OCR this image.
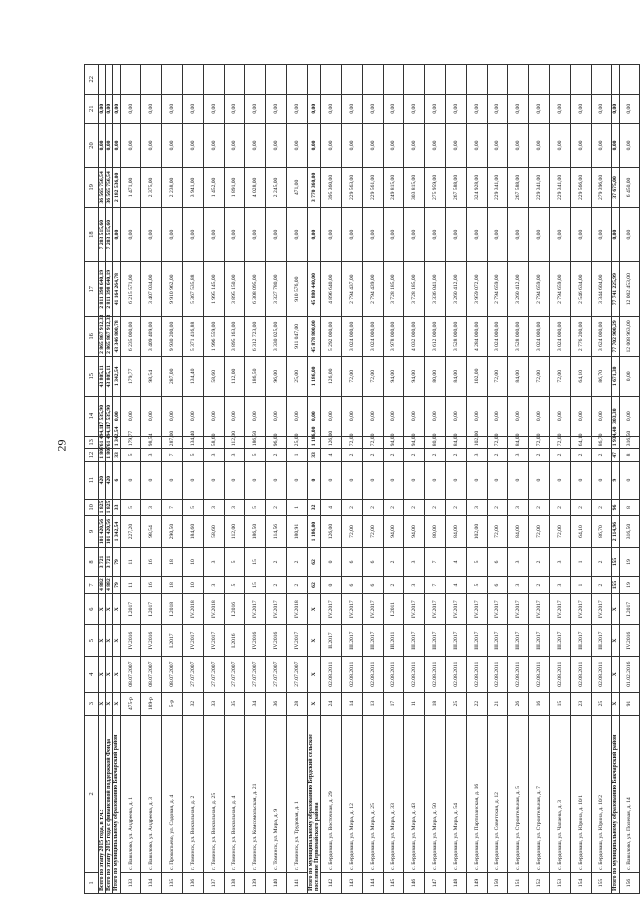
29
1	2	3	4	5	6	7	8	9	10	11	12	13	14	15	16	17	18	19	20	21	22
Всего по этапу 2015 года, в т.ч.:		Х	Х	Х	Х	4 882	3 721	101 420,56	1 825	420	1 807	61 494,11	17 535,90	43 805,11	2 865 867 912,33	2 811 398 640,19	7 203 515,60	36 565 756,54	0,00	0,00	
Всего по этапу 2015 года с финансовой поддержкой Фонда		Х	Х	Х	Х	4 882	3 721	101 420,56	1 825	420	1 807	61 494,11	17 535,90	43 805,11	2 865 867 912,33	2 811 398 640,19	7 203 515,60	36 565 756,54	0,00	0,00	
Итого по муниципальному образованию Бакчарский район		Х	Х	Х	Х	79	79	1 342,54	33	6	33	1 342,54	0,00	1 342,54	43 346 800,78	41 164 264,78	0,00	2 182 536,00	0,00	0,00	
133	с. Вавилово, ул. Андреева, д. 1	475-р	08.07.2007	IV.2016	I.2017	11	11	227,20	5	0	5	179,77	0,00	179,77	6 235 000,00	6 215 571,00	0,00	1 471,00	0,00	0,00	
134	с. Вавилово, ул. Андреева, д. 3	189-р	08.07.2007	IV.2016	I.2017	16	16	98,54	3	0	3	98,54	0,00	98,54	3 409 409,00	3 407 034,00	0,00	2 375,00	0,00	0,00	
135	с. Прокопьево, ул. Садовая, д. 4	5-р	08.07.2007	I.2017	I.2018	18	18	290,50	7	0	7	287,00	0,00	287,00	9 930 200,00	9 910 962,00	0,00	2 238,00	0,00	0,00	
136	г. Томинск, ул. Вокзальная, д. 2	32	27.07.2007	IV.2017	IV.2018	10	10	184,60	5	0	5	134,40	0,00	134,40	5 371 416,88	5 367 535,88	0,00	3 941,00	0,00	0,00	
137	г. Томинск, ул. Вокзальная, д. 25	33	27.07.2007	IV.2017	IV.2018	3	3	58,60	3	0	3	58,60	0,00	58,60	1 996 559,00	1 995 145,00	0,00	1 452,00	0,00	0,00	
138	г. Томинск, ул. Вокзальная, д. 4	35	27.07.2007	I.2016	I.2016	5	5	112,00	3	0	3	112,00	0,00	112,00	3 895 163,00	3 895 150,00	0,00	1 891,00	0,00	0,00	
139	г. Томинск, ул. Комсомольская, д. 21	34	27.07.2007	IV.2016	IV.2017	15	15	186,50	5	0	5	186,50	0,00	186,50	6 312 723,00	6 308 095,00	0,00	4 028,00	0,00	0,00	
140	с. Томинск, ул. Мира, д. 9	36	27.07.2007	IV.2016	IV.2017	2	2	114,56	2	0	2	96,00	0,00	96,00	3 330 025,00	3 327 780,00	0,00	2 245,00	0,00	0,00	
141	г. Томинск, ул. Трудовая, д. 1	28	27.07.2007	IV.2017	IV.2018	2	2	180,91	1	0	1	25,00	0,00	25,00	911 047,00	910 576,00	0,00	471,00	0,00	0,00	
Итого по муниципальному образованию Бердский сельское поселение Первомайского района		Х	Х	Х	Х	62	62	1 186,00	32	0	33	1 186,00	0,00	1 186,00	45 878 800,00	45 880 440,00	0,00	3 770 360,00	0,00	0,00	
142	с. Бердоваш, ул. Восточная, д. 29	24	02.08.2011	II.2017	IV.2017	0	0	126,00	4	0	4	126,00	0,00	126,00	5 292 000,00	4 896 640,00	0,00	395 360,00	0,00	0,00	
143	с. Бердоваш, ул. Мира, д. 12	14	02.08.2011	III.2017	IV.2017	6	6	72,00	2	0	2	72,00	0,00	72,00	3 024 000,00	2 794 437,00	0,00	229 563,00	0,00	0,00	
144	с. Бердоваш, ул. Мира, д. 25	13	02.08.2011	III.2017	IV.2017	6	6	72,00	2	0	2	72,00	0,00	72,00	3 024 000,00	2 794 439,00	0,00	229 561,00	0,00	0,00	
145	с. Бердоваш, ул. Мира, д. 33	17	02.08.2011	III.2011	I.2011	2	2	94,00	2	0	2	94,00	0,00	94,00	3 978 000,00	3 728 185,00	0,00	249 815,00	0,00	0,00	
146	с. Бердоваш, ул. Мира, д. 43	11	02.08.2011	III.2017	IV.2017	3	3	94,00	2	0	2	94,00	0,00	94,00	4 032 000,00	3 728 185,00	0,00	303 815,00	0,00	0,00	
147	с. Бердоваш, ул. Мира, д. 50	18	02.08.2011	III.2017	IV.2017	7	7	80,00	2	0	2	80,00	0,00	80,00	3 612 000,00	3 336 041,00	0,00	275 959,00	0,00	0,00	
148	с. Бердоваш, ул. Мира, д. 54	25	02.08.2011	III.2017	IV.2017	4	4	84,00	2	0	2	84,00	0,00	84,00	3 528 000,00	3 260 412,00	0,00	267 588,00	0,00	0,00	
149	с. Бердоваш, ул. Партизанская, д. 16	22	02.08.2011	III.2017	IV.2017	5	5	102,00	3	0	3	102,00	0,00	102,00	4 284 000,00	3 959 072,00	0,00	324 928,00	0,00	0,00	
150	с. Бердоваш, ул. Советская, д. 12	21	02.08.2011	III.2017	IV.2017	6	6	72,00	2	0	2	72,00	0,00	72,00	3 024 000,00	2 794 659,00	0,00	229 341,00	0,00	0,00	
151	с. Бердоваш, ул. Строительная, д. 5	26	02.08.2011	III.2017	IV.2017	3	3	84,00	3	0	3	84,00	0,00	84,00	3 528 000,00	3 260 412,00	0,00	267 588,00	0,00	0,00	
152	с. Бердоваш, ул. Строительная, д. 7	16	02.08.2011	III.2017	IV.2017	2	2	72,00	2	0	2	72,00	0,00	72,00	3 024 000,00	2 794 659,00	0,00	229 341,00	0,00	0,00	
153	с. Бердоваш, ул. Чапаева, д. 3	15	02.08.2011	III.2017	IV.2017	3	3	72,00	2	0	2	72,00	0,00	72,00	3 024 000,00	2 794 659,00	0,00	229 341,00	0,00	0,00	
154	с. Бердоваш, ул. Юрина, д. 10/1	23	02.08.2011	III.2017	IV.2017	1	1	64,10	2	0	2	64,10	0,00	64,10	2 776 200,00	2 546 634,00	0,00	229 566,00	0,00	0,00	
155	с. Бердоваш, ул. Юрина, д. 10/2	25	02.08.2011	III.2017	IV.2017	2	2	86,70	2	0	2	86,70	0,00	86,70	3 624 000,00	3 344 604,00	0,00	279 396,00	0,00	0,00	
Итого по муниципальному образованию Бакчарский район		Х	Х	Х	Х	155	155	2 114,96	96	9	47	1 934,40	303,30	1 671,30	77 702 900,29	77 741 225,99	0,00	37 675,00	0,00	0,00	
156	с. Вавилово, ул. Полевая, д. 14	91	01.02.2016	IV.2016	I.2017	19	19	316,50	8	0	8	316,50	0,00	0,00	12 008 963,00	12 002 453,00	0,00	6 450,00	0,00	0,00	
